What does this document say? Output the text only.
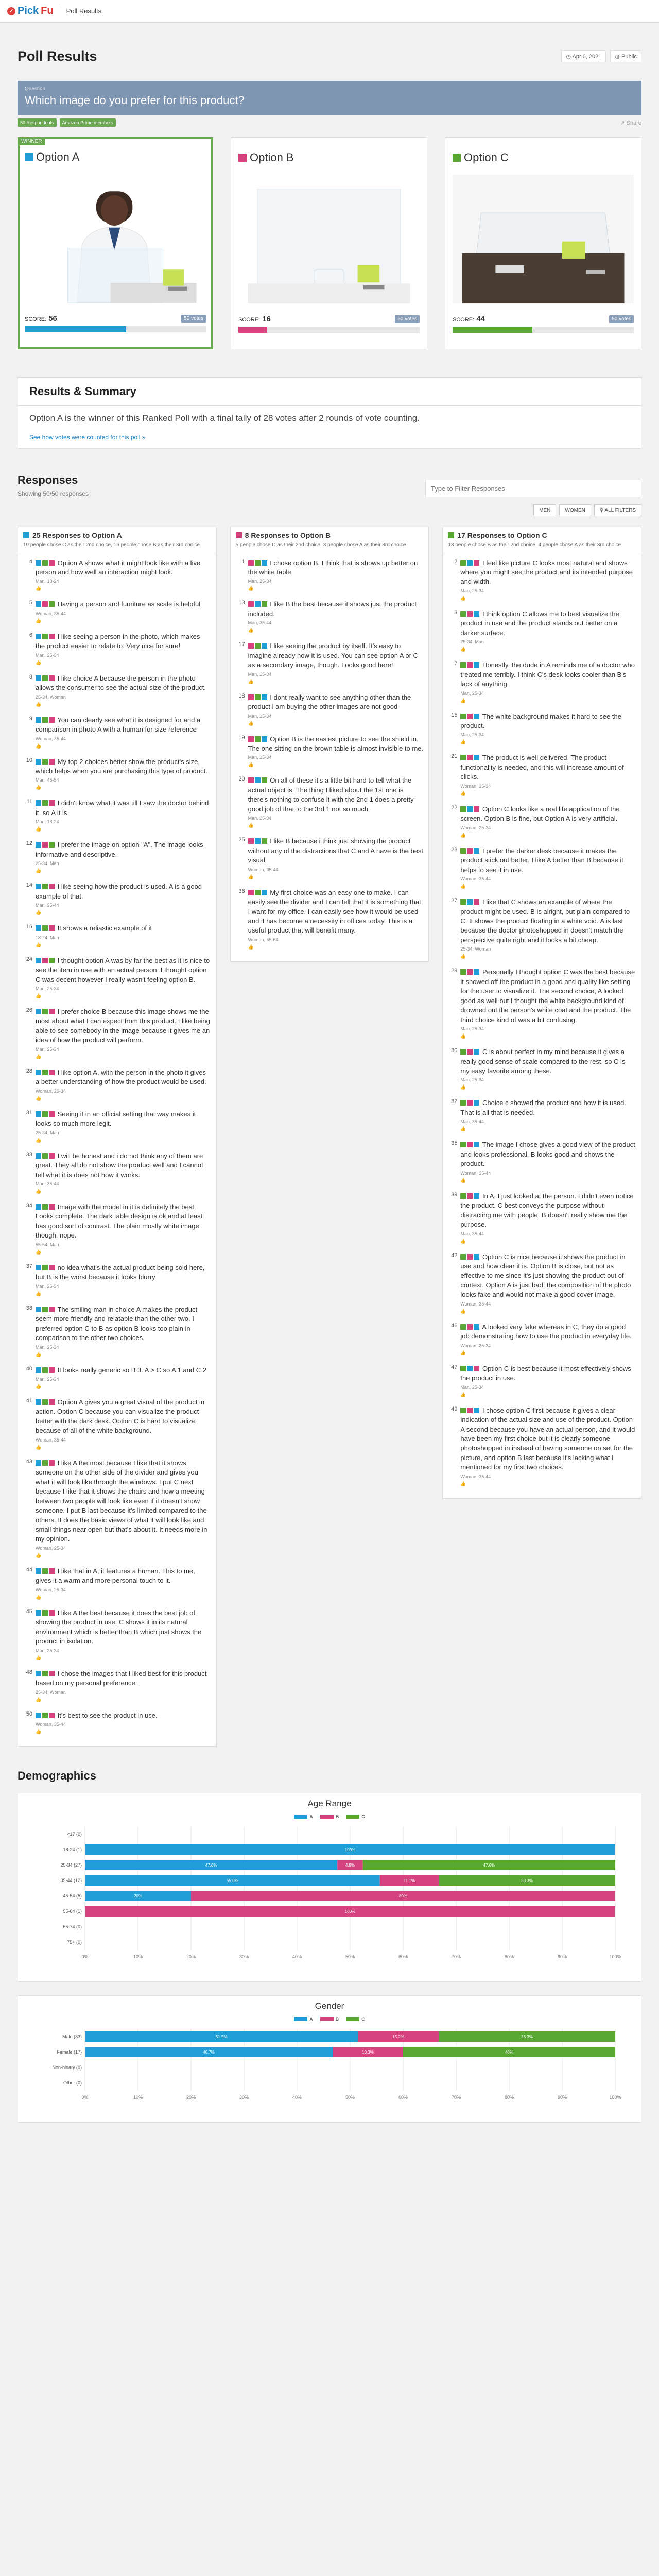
✓ Pick Fu Poll Results
Poll Results	◷ Apr 6, 2021	◍ Public
Question
Which image do you prefer for this product?
50 Respondents	Amazon Prime members	↗ Share
WINNER
Option A
SCORE: 56	50 votes
Option B
SCORE: 16	50 votes
Option C
SCORE: 44	50 votes
Results & Summary

Option A is the winner of this Ranked Poll with a final tally of 28 votes after 2 rounds of vote counting.

See how votes were counted for this poll »
Responses
Showing 50/50 responses
Type to Filter Responses
MEN	WOMEN	⚲ ALL FILTERS
25 Responses to Option A
19 people chose C as their 2nd choice, 16 people chose B as their 3rd choice
4	Option A shows what it might look like with a live person and how well an interaction might look.
Man, 18-24
👍
5	Having a person and furniture as scale is helpful
Woman, 35-44
👍
6	I like seeing a person in the photo, which makes the product easier to relate to. Very nice for sure!
Man, 25-34
👍
8	I like choice A because the person in the photo allows the consumer to see the actual size of the product.
25-34, Woman
👍
9	You can clearly see what it is designed for and a comparison in photo A with a human for size reference
Woman, 35-44
👍
10	My top 2 choices better show the product's size, which helps when you are purchasing this type of product.
Man, 45-54
👍
11	I didn't know what it was till I saw the doctor behind it, so A it is
Man, 18-24
👍
12	I prefer the image on option "A". The image looks informative and descriptive.
25-34, Man
👍
14	I like seeing how the product is used. A is a good example of that.
Man, 35-44
👍
16	It shows a reliastic example of it
18-24, Man
👍
24	I thought option A was by far the best as it is nice to see the item in use with an actual person. I thought option C was decent however I really wasn't feeling option B.
Man, 25-34
👍
26	I prefer choice B because this image shows me the most about what I can expect from this product. I like being able to see somebody in the image because it gives me an idea of how the product will perform.
Man, 25-34
👍
28	I like option A, with the person in the photo it gives a better understanding of how the product would be used.
Woman, 25-34
👍
31	Seeing it in an official setting that way makes it looks so much more legit.
25-34, Man
👍
33	I will be honest and i do not think any of them are great. They all do not show the product well and I cannot tell what it is does not how it works.
Man, 35-44
👍
34	Image with the model in it is definitely the best. Looks complete. The dark table design is ok and at least has good sort of contrast. The plain mostly white image though, nope.
55-64, Man
👍
37	no idea what's the actual product being sold here, but B is the worst because it looks blurry
Man, 25-34
👍
38	The smiling man in choice A makes the product seem more friendly and relatable than the other two. I preferred option C to B as option B looks too plain in comparison to the other two choices.
Man, 25-34
👍
40	It looks really generic so B 3. A > C so A 1 and C 2
Man, 25-34
👍
41	Option A gives you a great visual of the product in action. Option C because you can visualize the product better with the dark desk. Option C is hard to visualize because of all of the white background.
Woman, 35-44
👍
43	I like A the most because I like that it shows someone on the other side of the divider and gives you what it will look like through the windows. I put C next because I like that it shows the chairs and how a meeting between two people will look like even if it doesn't show someone. I put B last because it's limited compared to the others. It does the basic views of what it will look like and small things near open but that's about it. It needs more in my opinion.
Woman, 25-34
👍
44	I like that in A, it features a human. This to me, gives it a warm and more personal touch to it.
Woman, 25-34
👍
45	I like A the best because it does the best job of showing the product in use. C shows it in its natural environment which is better than B which just shows the product in isolation.
Man, 25-34
👍
48	I chose the images that I liked best for this product based on my personal preference.
25-34, Woman
👍
50	It's best to see the product in use.
Woman, 35-44
👍
8 Responses to Option B
5 people chose C as their 2nd choice, 3 people chose A as their 3rd choice
1	I chose option B. I think that is shows up better on the white table.
Man, 25-34
👍
13	I like B the best because it shows just the product included.
Man, 35-44
👍
17	I like seeing the product by itself. It's easy to imagine already how it is used. You can see option A or C as a secondary image, though. Looks good here!
Man, 25-34
👍
18	I dont really want to see anything other than the product i am buying the other images are not good
Man, 25-34
👍
19	Option B is the easiest picture to see the shield in. The one sitting on the brown table is almost invisible to me.
Man, 25-34
👍
20	On all of these it's a little bit hard to tell what the actual object is. The thing I liked about the 1st one is there's nothing to confuse it with the 2nd 1 does a pretty good job of that to the 3rd 1 not so much
Man, 25-34
👍
25	I like B because i think just showing the product without any of the distractions that C and A have is the best visual.
Woman, 35-44
👍
36	My first choice was an easy one to make. I can easily see the divider and I can tell that it is something that I want for my office. I can easily see how it would be used and it has become a necessity in offices today. This is a useful product that will benefit many.
Woman, 55-64
👍
17 Responses to Option C
13 people chose B as their 2nd choice, 4 people chose A as their 3rd choice
2	I feel like picture C looks most natural and shows where you might see the product and its intended purpose and width.
Man, 25-34
👍
3	I think option C allows me to best visualize the product in use and the product stands out better on a darker surface.
25-34, Man
👍
7	Honestly, the dude in A reminds me of a doctor who treated me terribly. I think C's desk looks cooler than B's lack of anything.
Man, 25-34
👍
15	The white background makes it hard to see the product.
Man, 25-34
👍
21	The product is well delivered. The product functionality is needed, and this will increase amount of clicks.
Woman, 25-34
👍
22	Option C looks like a real life application of the screen. Option B is fine, but Option A is very artificial.
Woman, 25-34
👍
23	I prefer the darker desk because it makes the product stick out better. I like A better than B because it helps to see it in use.
Woman, 35-44
👍
27	I like that C shows an example of where the product might be used. B is alright, but plain compared to C. It shows the product floating in a white void. A is last because the doctor photoshopped in doesn't match the perspective quite right and it looks a bit cheap.
25-34, Woman
👍
29	Personally I thought option C was the best because it showed off the product in a good and quality like setting for the user to visualize it. The second choice, A looked good as well but I thought the white background kind of drowned out the person's white coat and the product. The third choice kind of was a bit confusing.
Man, 25-34
👍
30	C is about perfect in my mind because it gives a really good sense of scale compared to the rest, so C is my easy favorite among these.
Man, 25-34
👍
32	Choice c showed the product and how it is used. That is all that is needed.
Man, 35-44
👍
35	The image I chose gives a good view of the product and looks professional. B looks good and shows the product.
Woman, 35-44
👍
39	In A, I just looked at the person. I didn't even notice the product. C best conveys the purpose without distracting me with people. B doesn't really show me the purpose.
Man, 35-44
👍
42	Option C is nice because it shows the product in use and how clear it is. Option B is close, but not as effective to me since it's just showing the product out of context. Option A is just bad, the composition of the photo looks fake and would not make a good cover image.
Woman, 35-44
👍
46	A looked very fake whereas in C, they do a good job demonstrating how to use the product in everyday life.
Woman, 25-34
👍
47	Option C is best because it most effectively shows the product in use.
Man, 25-34
👍
49	I chose option C first because it gives a clear indication of the actual size and use of the product. Option A second because you have an actual person, and it would have been my first choice but it is clearly someone photoshopped in instead of having someone on set for the picture, and option B last because it's lacking what I mentioned for my first two choices.
Woman, 35-44
👍
Demographics
Age Range
A	B	C
0%	10%	20%	30%	40%	50%	60%	70%	80%	90%	100%
<17 (0)
18-24 (1)	100%
25-34 (27)	47.6%	4.8%	47.6%
35-44 (12)	55.6%	11.1%	33.3%
45-54 (5)	20%	80%
55-64 (1)	100%
65-74 (0)
75+ (0)
Gender
A	B	C
0%	10%	20%	30%	40%	50%	60%	70%	80%	90%	100%
Male (33)	51.5%	15.2%	33.3%
Female (17)	46.7%	13.3%	40%
Non-binary (0)
Other (0)
